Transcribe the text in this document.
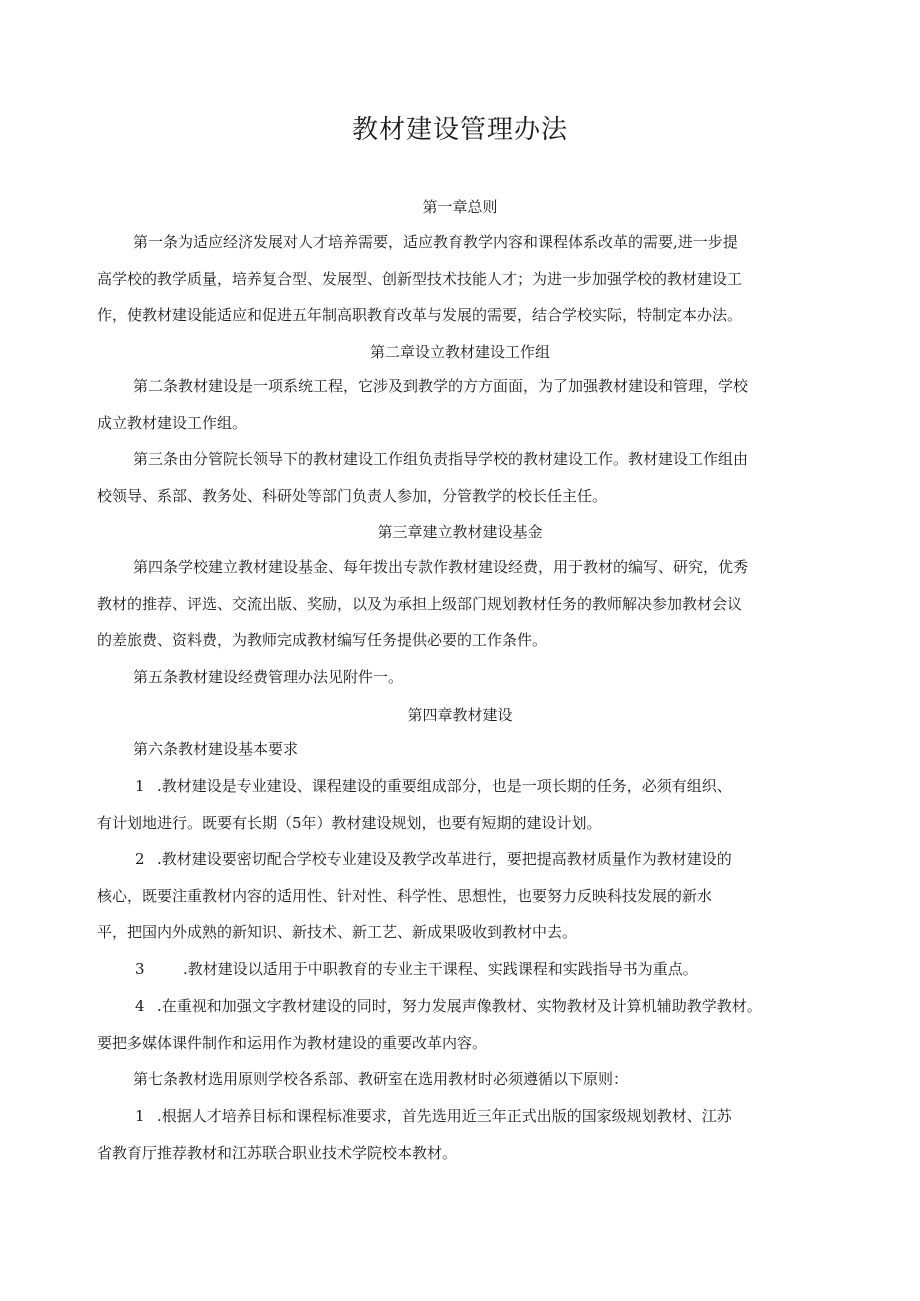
教材建设管理办法
第一章总则
第一条为适应经济发展对人才培养需要，适应教育教学内容和课程体系改革的需要,进一步提
高学校的教学质量，培养复合型、发展型、创新型技术技能人才；为进一步加强学校的教材建设工
作，使教材建设能适应和促进五年制高职教育改革与发展的需要，结合学校实际，特制定本办法。
第二章设立教材建设工作组
第二条教材建设是一项系统工程，它涉及到教学的方方面面，为了加强教材建设和管理，学校
成立教材建设工作组。
第三条由分管院长领导下的教材建设工作组负责指导学校的教材建设工作。教材建设工作组由
校领导、系部、教务处、科研处等部门负责人参加，分管教学的校长任主任。
第三章建立教材建设基金
第四条学校建立教材建设基金、每年拨出专款作教材建设经费，用于教材的编写、研究，优秀
教材的推荐、评选、交流出版、奖励，以及为承担上级部门规划教材任务的教师解决参加教材会议
的差旅费、资料费，为教师完成教材编写任务提供必要的工作条件。
第五条教材建设经费管理办法见附件一。
第四章教材建设
第六条教材建设基本要求
1 .教材建设是专业建设、课程建设的重要组成部分，也是一项长期的任务，必须有组织、
有计划地进行。既要有长期（5年）教材建设规划，也要有短期的建设计划。
2 .教材建设要密切配合学校专业建设及教学改革进行，要把提高教材质量作为教材建设的
核心，既要注重教材内容的适用性、针对性、科学性、思想性，也要努力反映科技发展的新水
平，把国内外成熟的新知识、新技术、新工艺、新成果吸收到教材中去。
3	.教材建设以适用于中职教育的专业主干课程、实践课程和实践指导书为重点。
4 .在重视和加强文字教材建设的同时，努力发展声像教材、实物教材及计算机辅助教学教材。
要把多媒体课件制作和运用作为教材建设的重要改革内容。
第七条教材选用原则学校各系部、教研室在选用教材时必须遵循以下原则：
1 .根据人才培养目标和课程标准要求，首先选用近三年正式出版的国家级规划教材、江苏
省教育厅推荐教材和江苏联合职业技术学院校本教材。
